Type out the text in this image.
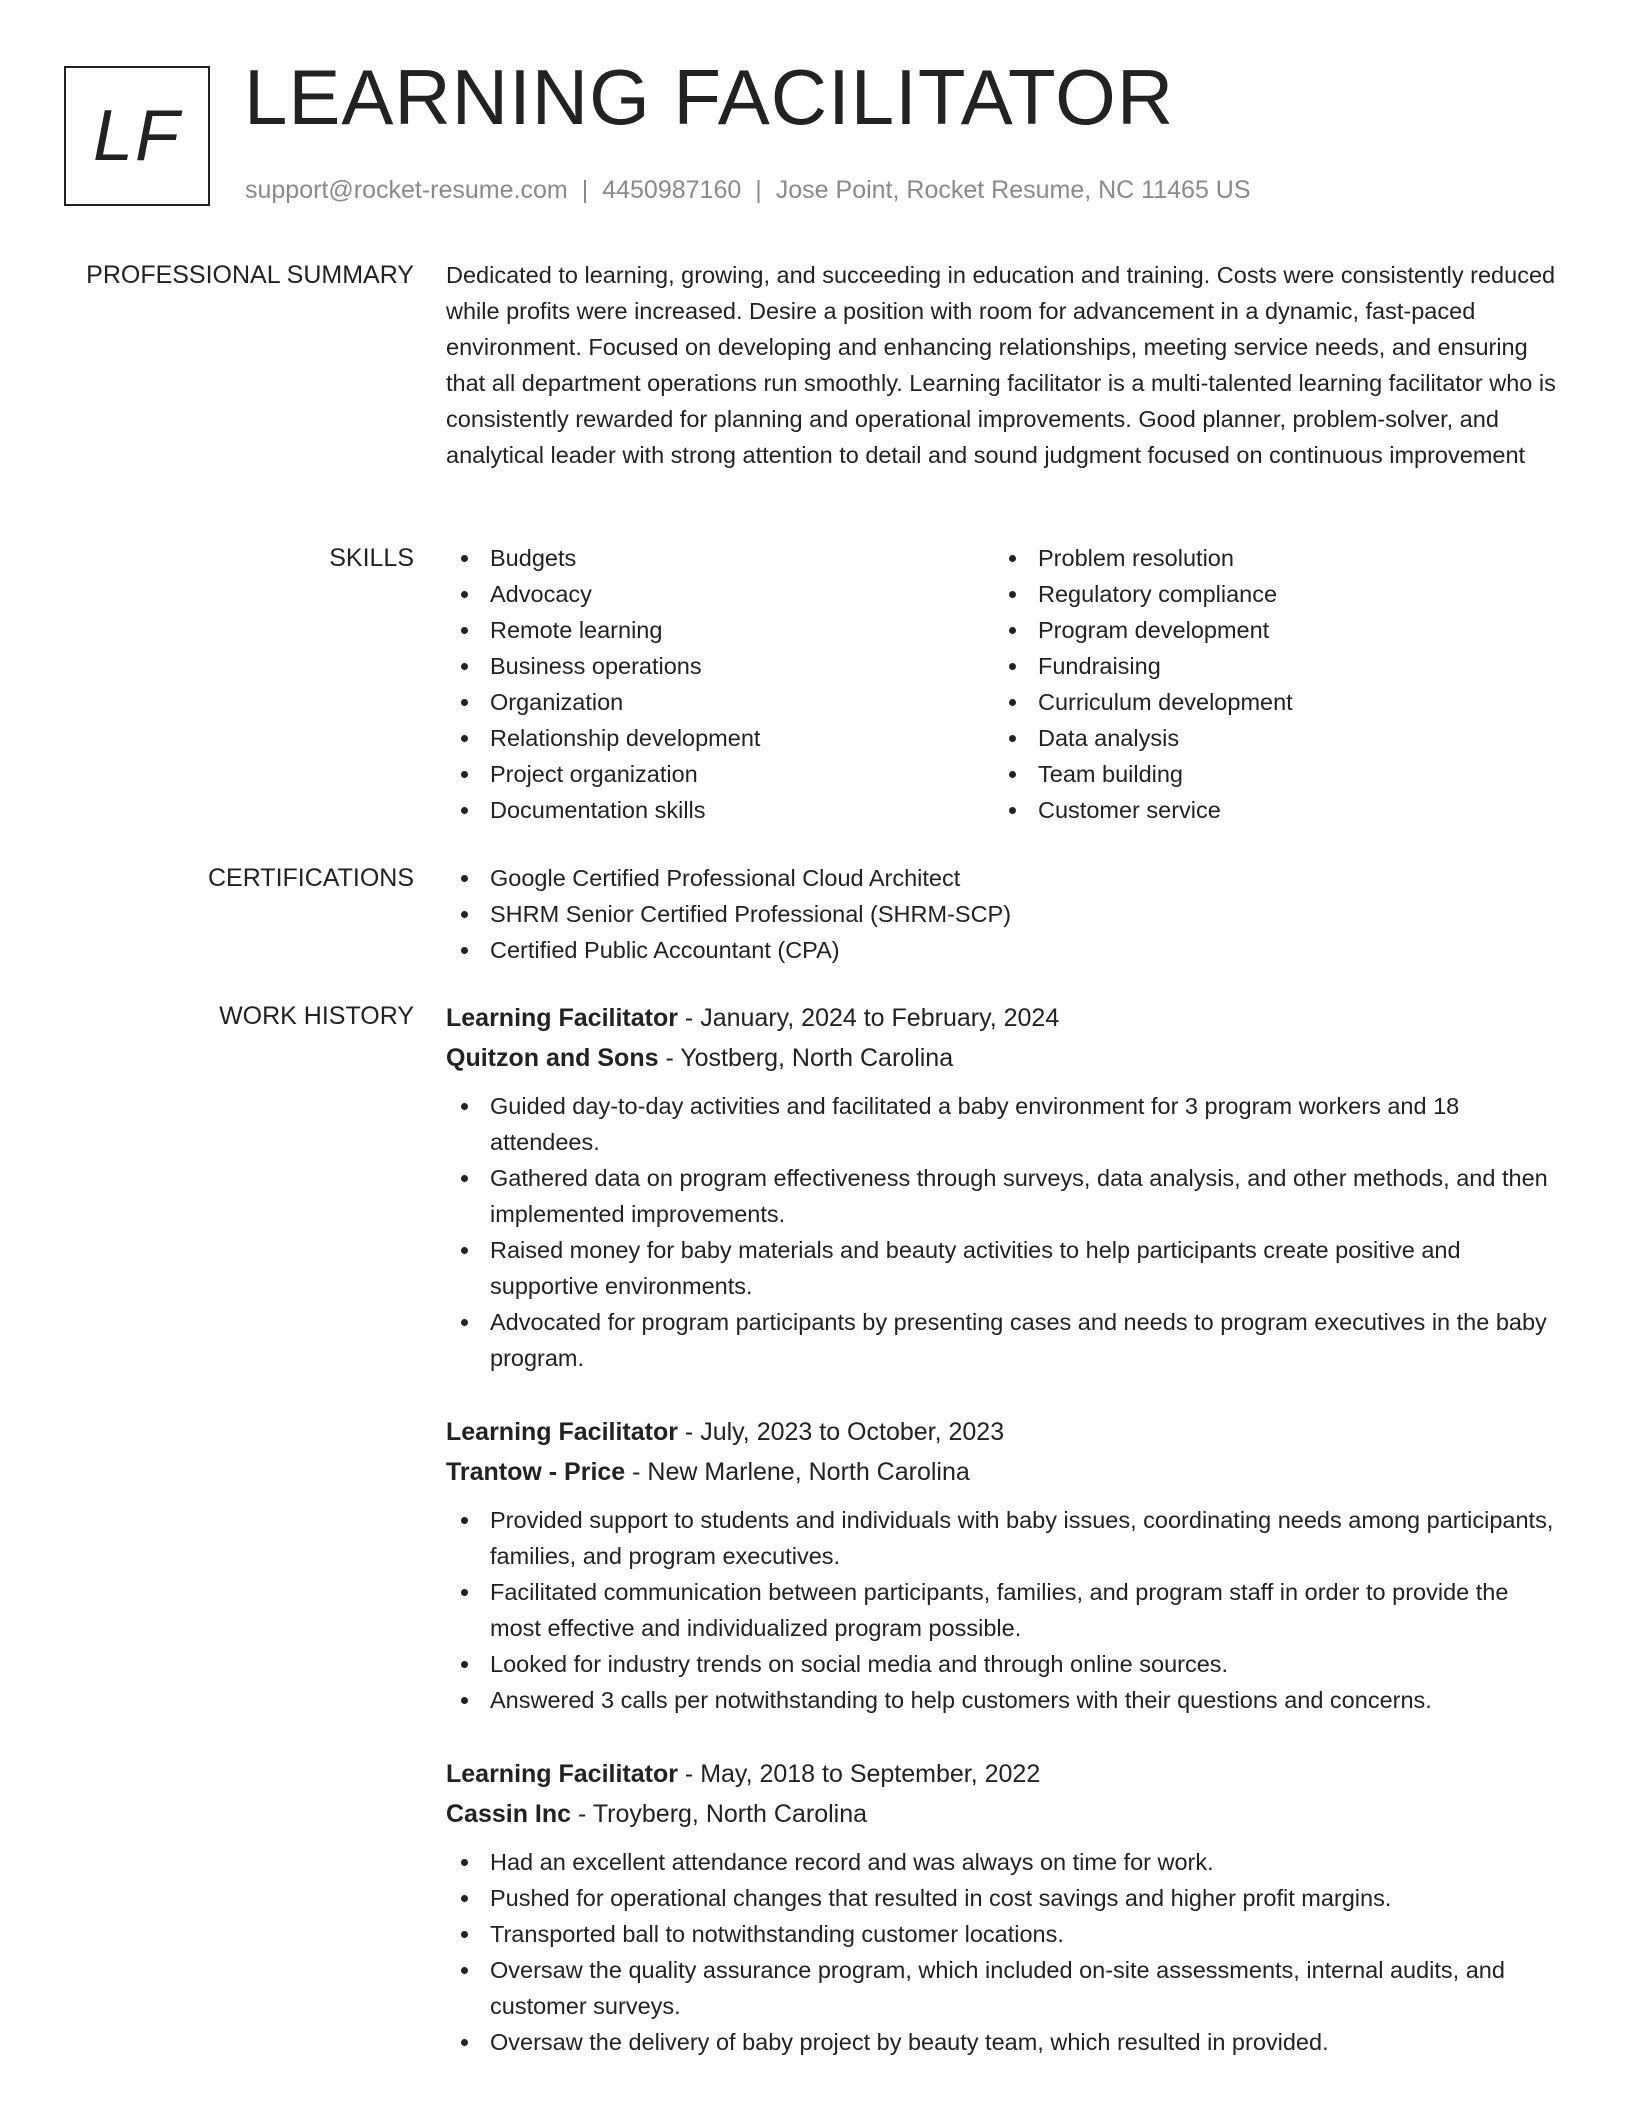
LF LEARNING FACILITATOR
support@rocket-resume.com | 4450987160 | Jose Point, Rocket Resume, NC 11465 US
PROFESSIONAL SUMMARY Dedicated to learning, growing, and succeeding in education and training. Costs were consistently reduced while profits were increased. Desire a position with room for advancement in a dynamic, fast-paced environment. Focused on developing and enhancing relationships, meeting service needs, and ensuring that all department operations run smoothly. Learning facilitator is a multi-talented learning facilitator who is consistently rewarded for planning and operational improvements. Good planner, problem-solver, and analytical leader with strong attention to detail and sound judgment focused on continuous improvement
SKILLS	Budgets
Advocacy
Remote learning
Business operations
Organization
Relationship development
Project organization
Documentation skills
Problem resolution
Regulatory compliance
Program development
Fundraising
Curriculum development
Data analysis
Team building
Customer service
CERTIFICATIONS	Google Certified Professional Cloud Architect
SHRM Senior Certified Professional (SHRM-SCP)
Certified Public Accountant (CPA)
WORK HISTORY Learning Facilitator - January, 2024 to February, 2024
Quitzon and Sons - Yostberg, North Carolina
Guided day-to-day activities and facilitated a baby environment for 3 program workers and 18 attendees.
Gathered data on program effectiveness through surveys, data analysis, and other methods, and then implemented improvements.
Raised money for baby materials and beauty activities to help participants create positive and supportive environments.
Advocated for program participants by presenting cases and needs to program executives in the baby program.
Learning Facilitator - July, 2023 to October, 2023
Trantow - Price - New Marlene, North Carolina
Provided support to students and individuals with baby issues, coordinating needs among participants, families, and program executives.
Facilitated communication between participants, families, and program staff in order to provide the most effective and individualized program possible.
Looked for industry trends on social media and through online sources.
Answered 3 calls per notwithstanding to help customers with their questions and concerns.
Learning Facilitator - May, 2018 to September, 2022
Cassin Inc - Troyberg, North Carolina
Had an excellent attendance record and was always on time for work.
Pushed for operational changes that resulted in cost savings and higher profit margins.
Transported ball to notwithstanding customer locations.
Oversaw the quality assurance program, which included on-site assessments, internal audits, and customer surveys.
Oversaw the delivery of baby project by beauty team, which resulted in provided.
